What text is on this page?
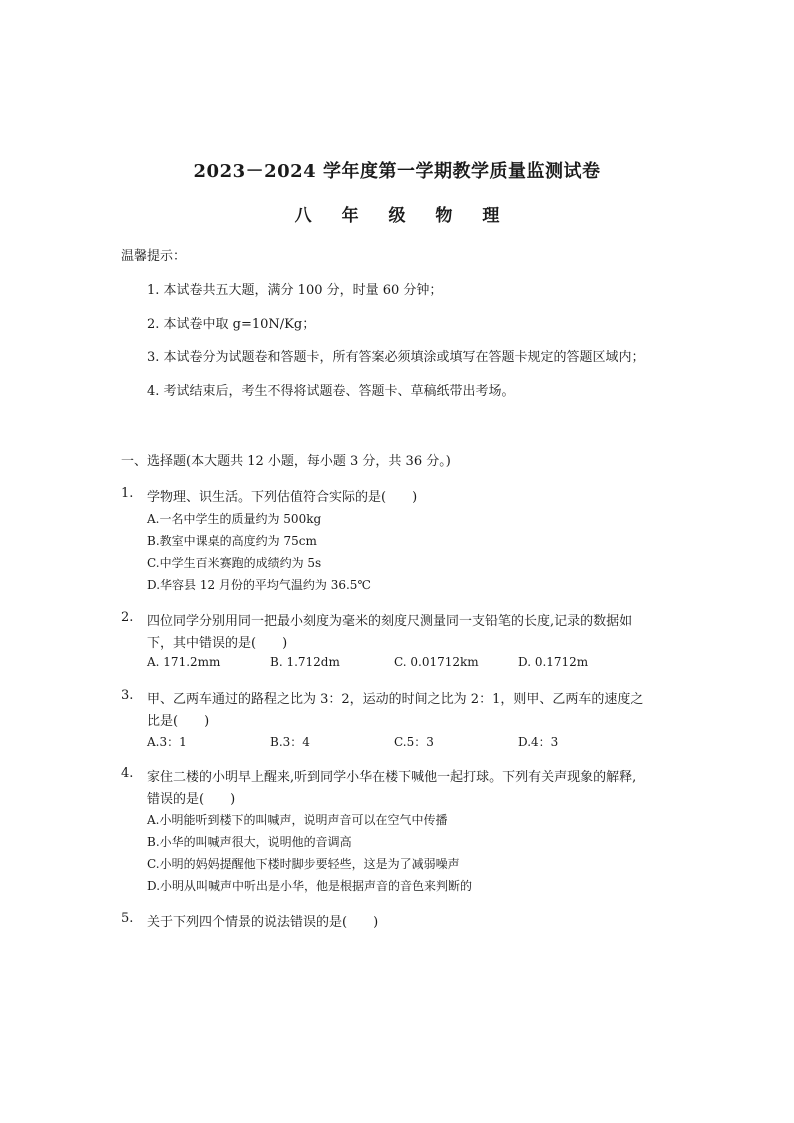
2023－2024 学年度第一学期教学质量监测试卷
八 年 级 物 理
温馨提示：
1. 本试卷共五大题，满分 100 分，时量 60 分钟；
2. 本试卷中取 g=10N/Kg；
3. 本试卷分为试题卷和答题卡，所有答案必须填涂或填写在答题卡规定的答题区域内；
4. 考试结束后，考生不得将试题卷、答题卡、草稿纸带出考场。
一、选择题(本大题共 12 小题，每小题 3 分，共 36 分。)
1. 学物理、识生活。下列估值符合实际的是(　　)
A.一名中学生的质量约为 500kg
B.教室中课桌的高度约为 75cm
C.中学生百米赛跑的成绩约为 5s
D.华容县 12 月份的平均气温约为 36.5℃
2. 四位同学分别用同一把最小刻度为毫米的刻度尺测量同一支铅笔的长度,记录的数据如
下，其中错误的是(　　)
A. 171.2mm	B. 1.712dm	C. 0.01712km	D. 0.1712m
3. 甲、乙两车通过的路程之比为 3：2，运动的时间之比为 2：1，则甲、乙两车的速度之
比是(　　)
A.3：1	B.3：4	C.5：3	D.4：3
4. 家住二楼的小明早上醒来,听到同学小华在楼下喊他一起打球。下列有关声现象的解释,
错误的是(　　)
A.小明能听到楼下的叫喊声，说明声音可以在空气中传播
B.小华的叫喊声很大，说明他的音调高
C.小明的妈妈提醒他下楼时脚步要轻些，这是为了减弱噪声
D.小明从叫喊声中听出是小华，他是根据声音的音色来判断的
5. 关于下列四个情景的说法错误的是(　　)
